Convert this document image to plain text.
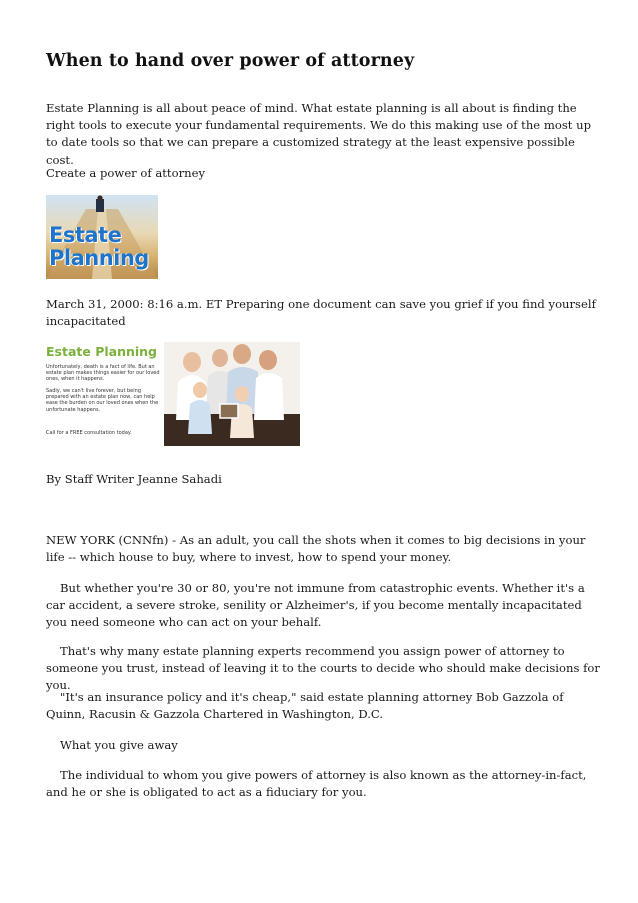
When to hand over power of attorney

Estate Planning is all about peace of mind. What estate planning is all about is finding the right tools to execute your fundamental requirements. We do this making use of the most up to date tools so that we can prepare a customized strategy at the least expensive possible cost.

Create a power of attorney

Estate
Planning

March 31, 2000: 8:16 a.m. ET Preparing one document can save you grief if you find yourself incapacitated

Estate Planning
Unfortunately, death is a fact of life. But an estate plan makes things easier for our loved ones, when it happens.
Sadly, we can't live forever, but being prepared with an estate plan now, can help ease the burden on our loved ones when the unfortunate happens.
Call for a FREE consultation today.

By Staff Writer Jeanne Sahadi

NEW YORK (CNNfn) - As an adult, you call the shots when it comes to big decisions in your life -- which house to buy, where to invest, how to spend your money.

But whether you're 30 or 80, you're not immune from catastrophic events. Whether it's a car accident, a severe stroke, senility or Alzheimer's, if you become mentally incapacitated you need someone who can act on your behalf.

That's why many estate planning experts recommend you assign power of attorney to someone you trust, instead of leaving it to the courts to decide who should make decisions for you.

"It's an insurance policy and it's cheap," said estate planning attorney Bob Gazzola of Quinn, Racusin & Gazzola Chartered in Washington, D.C.

What you give away

The individual to whom you give powers of attorney is also known as the attorney-in-fact, and he or she is obligated to act as a fiduciary for you.
